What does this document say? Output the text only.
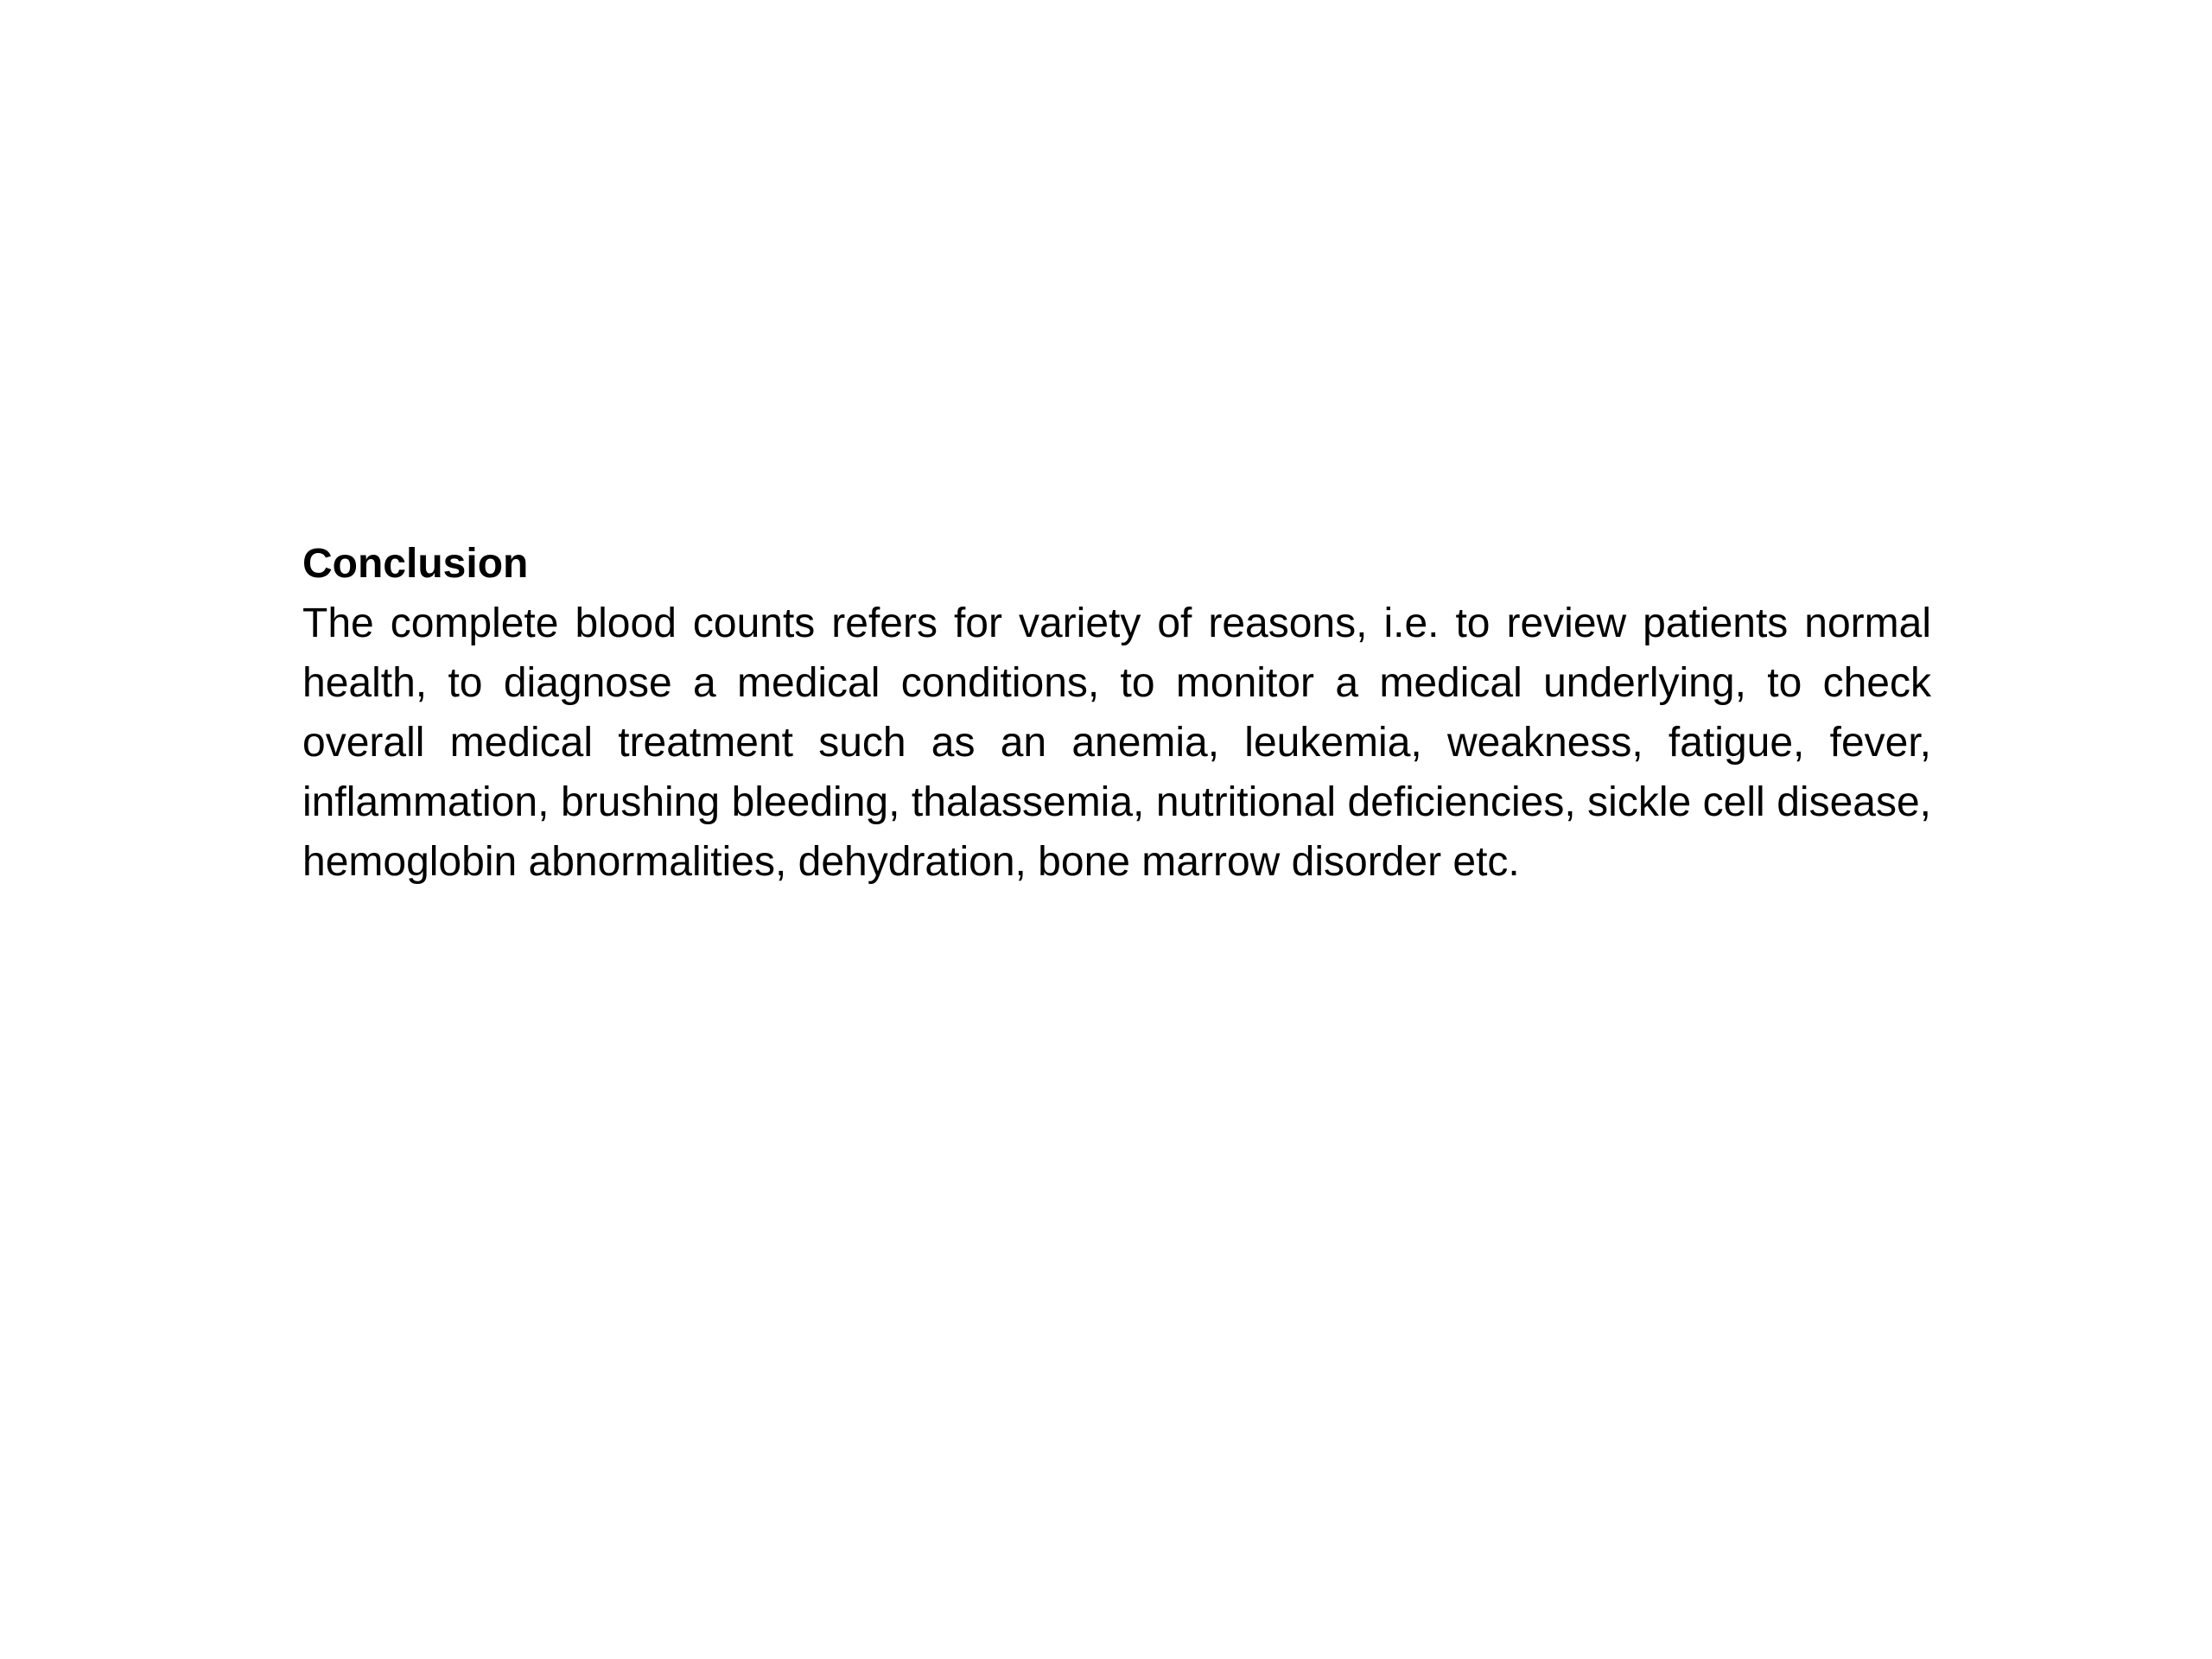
Conclusion

The complete blood counts refers for variety of reasons, i.e. to review patients normal health, to diagnose a medical conditions, to monitor a medical underlying, to check overall medical treatment such as an anemia, leukemia, weakness, fatigue, fever, inflammation, brushing bleeding, thalassemia, nutritional deficiencies, sickle cell disease, hemoglobin abnormalities, dehydration, bone marrow disorder etc.
